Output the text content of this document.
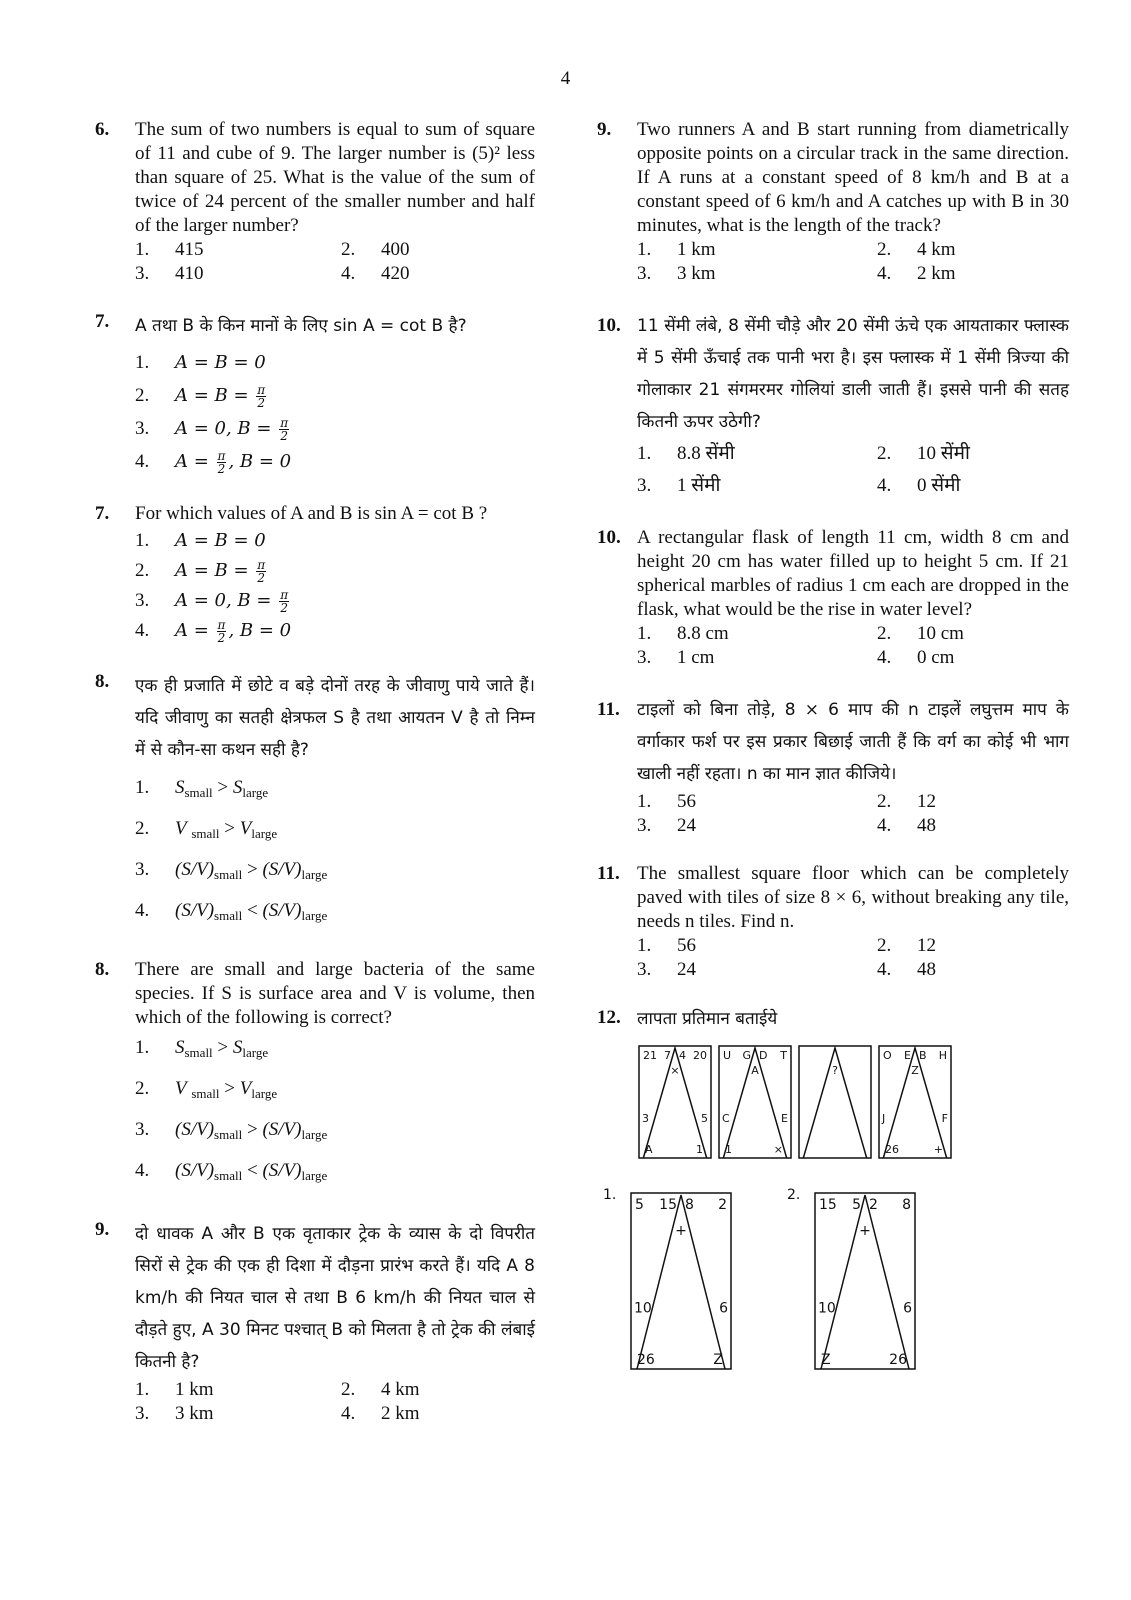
4
6. The sum of two numbers is equal to sum of square of 11 and cube of 9. The larger number is (5)² less than square of 25. What is the value of the sum of twice of 24 percent of the smaller number and half of the larger number?
1.	415	2.	400
3.	410	4.	420
7. A तथा B के किन मानों के लिए sin A = cot B है?
1.	A = B = 0
2.	$A = B = \frac{\pi}{2}$
3.	A = 0, $B = \frac{\pi}{2}$
4.	$A = \frac{\pi}{2}$ , B = 0
7. For which values of A and B is sin A = cot B ?
1.	A = B = 0
2.	$A = B = \frac{\pi}{2}$
3.	A = 0, $B = \frac{\pi}{2}$
4.	$A = \frac{\pi}{2}$ , B = 0
8. एक ही प्रजाति में छोटे व बड़े दोनों तरह के जीवाणु पाये जाते हैं। यदि जीवाणु का सतही क्षेत्रफल S है तथा आयतन V है तो निम्न में से कौन-सा कथन सही है?
1.	$S_{small} > S_{large}$
2.	V $_{small} > V_{large}$
3.	$(S/V)_{small} > (S/V)_{large}$
4.	$(S/V)_{small} < (S/V)_{large}$
8. There are small and large bacteria of the same species. If S is surface area and V is volume, then which of the following is correct?
1.	$S_{small} > S_{large}$
2.	V $_{small} > V_{large}$
3.	$(S/V)_{small} > (S/V)_{large}$
4.	$(S/V)_{small} < (S/V)_{large}$
9. दो धावक A और B एक वृताकार ट्रेक के व्यास के दो विपरीत सिरों से ट्रेक की एक ही दिशा में दौड़ना प्रारंभ करते हैं। यदि A 8 km/h की नियत चाल से तथा B 6 km/h की नियत चाल से दौड़ते हुए, A 30 मिनट पश्चात् B को मिलता है तो ट्रेक की लंबाई कितनी है?
1.	1 km	2.	4 km
3.	3 km	4.	2 km
9. Two runners A and B start running from diametrically opposite points on a circular track in the same direction. If A runs at a constant speed of 8 km/h and B at a constant speed of 6 km/h and A catches up with B in 30 minutes, what is the length of the track?
1.	1 km	2.	4 km
3.	3 km	4.	2 km
10. 11 सेंमी लंबे, 8 सेंमी चौड़े और 20 सेंमी ऊंचे एक आयताकार फ्लास्क में 5 सेंमी ऊँचाई तक पानी भरा है। इस फ्लास्क में 1 सेंमी त्रिज्या की गोलाकार 21 संगमरमर गोलियां डाली जाती हैं। इससे पानी की सतह कितनी ऊपर उठेगी?
1.	8.8 सेंमी	2.	10 सेंमी
3.	1 सेंमी	4.	0 सेंमी
10. A rectangular flask of length 11 cm, width 8 cm and height 20 cm has water filled up to height 5 cm. If 21 spherical marbles of radius 1 cm each are dropped in the flask, what would be the rise in water level?
1.	8.8 cm	2.	10 cm
3.	1 cm	4.	0 cm
11. टाइलों को बिना तोड़े, 8 × 6 माप की n टाइलें लघुत्तम माप के वर्गाकार फर्श पर इस प्रकार बिछाई जाती हैं कि वर्ग का कोई भी भाग खाली नहीं रहता। n का मान ज्ञात कीजिये।
1.	56	2.	12
3.	24	4.	48
11. The smallest square floor which can be completely paved with tiles of size 8 × 6, without breaking any tile, needs n tiles. Find n.
1.	56	2.	12
3.	24	4.	48
12. लापता प्रतिमान बताईये
21 7 4 20
×
3	5
A	1
U G D T
A
C	E
1	×
?
O E B H
Z
J	F
26	+
1.
5 15 8 2
+
10	6
26	Z
2.
15 5 2 8
+
10	6
Z	26
